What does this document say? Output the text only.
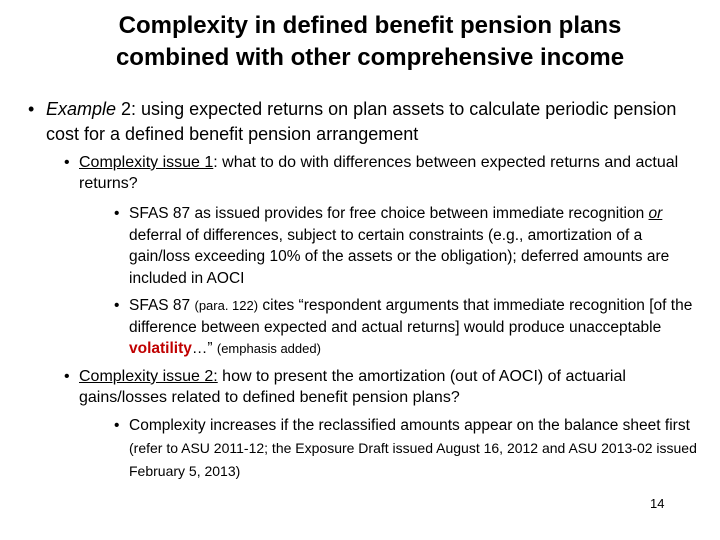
Complexity in defined benefit pension plans
combined with other comprehensive income
• Example 2: using expected returns on plan assets to calculate periodic pension cost for a defined benefit pension arrangement
• Complexity issue 1: what to do with differences between expected returns and actual returns?
• SFAS 87 as issued provides for free choice between immediate recognition or deferral of differences, subject to certain constraints (e.g., amortization of a gain/loss exceeding 10% of the assets or the obligation); deferred amounts are included in AOCI
• SFAS 87 (para. 122) cites “respondent arguments that immediate recognition [of the difference between expected and actual returns] would produce unacceptable volatility…” (emphasis added)
• Complexity issue 2: how to present the amortization (out of AOCI) of actuarial gains/losses related to defined benefit pension plans?
• Complexity increases if the reclassified amounts appear on the balance sheet first (refer to ASU 2011-12; the Exposure Draft issued August 16, 2012 and ASU 2013-02 issued February 5, 2013)
14
